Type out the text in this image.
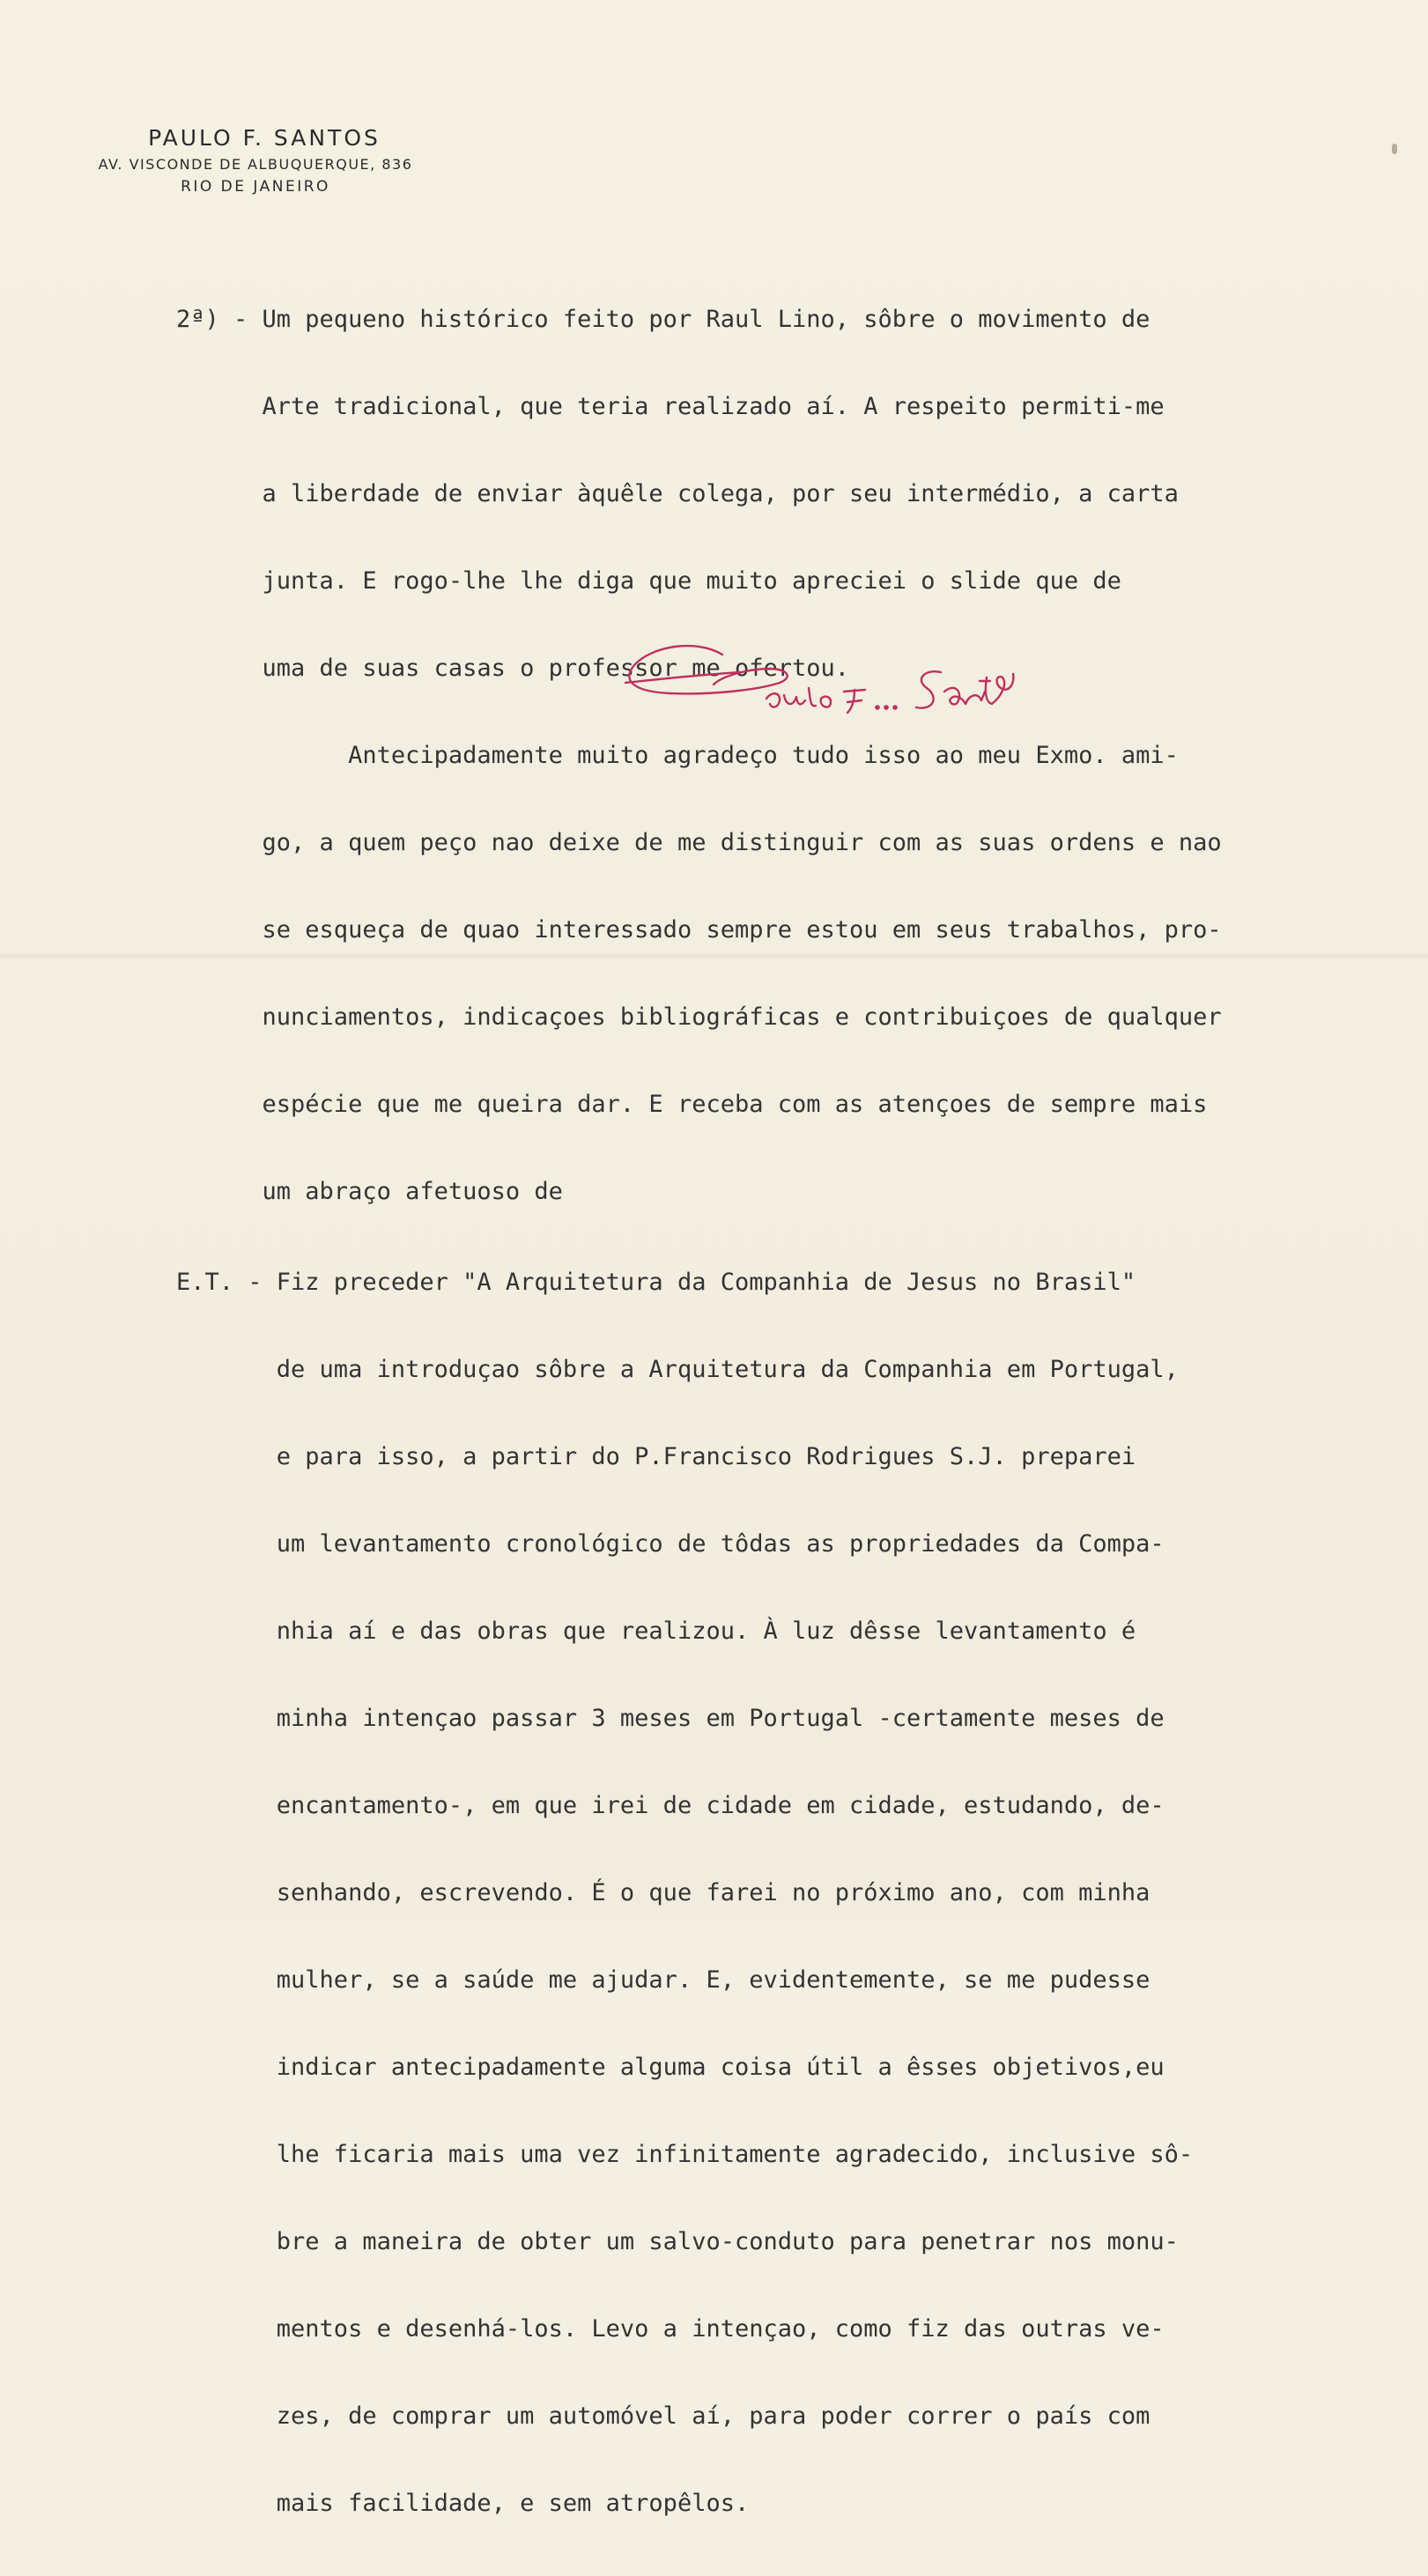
PAULO F. SANTOS
AV. VISCONDE DE ALBUQUERQUE, 836
RIO DE JANEIRO

2ª) - Um pequeno histórico feito por Raul Lino, sôbre o movimento de

Arte tradicional, que teria realizado aí. A respeito permiti-me

a liberdade de enviar àquêle colega, por seu intermédio, a carta

junta. E rogo-lhe lhe diga que muito apreciei o slide que de

uma de suas casas o professor me ofertou.

Antecipadamente muito agradeço tudo isso ao meu Exmo. ami-

go, a quem peço nao deixe de me distinguir com as suas ordens e nao

se esqueça de quao interessado sempre estou em seus trabalhos, pro-

nunciamentos, indicaçoes bibliográficas e contribuiçoes de qualquer

espécie que me queira dar. E receba com as atençoes de sempre mais

um abraço afetuoso de

E.T. - Fiz preceder "A Arquitetura da Companhia de Jesus no Brasil"

de uma introduçao sôbre a Arquitetura da Companhia em Portugal,

e para isso, a partir do P.Francisco Rodrigues S.J. preparei

um levantamento cronológico de tôdas as propriedades da Compa-

nhia aí e das obras que realizou. À luz dêsse levantamento é

minha intençao passar 3 meses em Portugal -certamente meses de

encantamento-, em que irei de cidade em cidade, estudando, de-

senhando, escrevendo. É o que farei no próximo ano, com minha

mulher, se a saúde me ajudar. E, evidentemente, se me pudesse

indicar antecipadamente alguma coisa útil a êsses objetivos,eu

lhe ficaria mais uma vez infinitamente agradecido, inclusive sô-

bre a maneira de obter um salvo-conduto para penetrar nos monu-

mentos e desenhá-los. Levo a intençao, como fiz das outras ve-

zes, de comprar um automóvel aí, para poder correr o país com

mais facilidade, e sem atropêlos.
